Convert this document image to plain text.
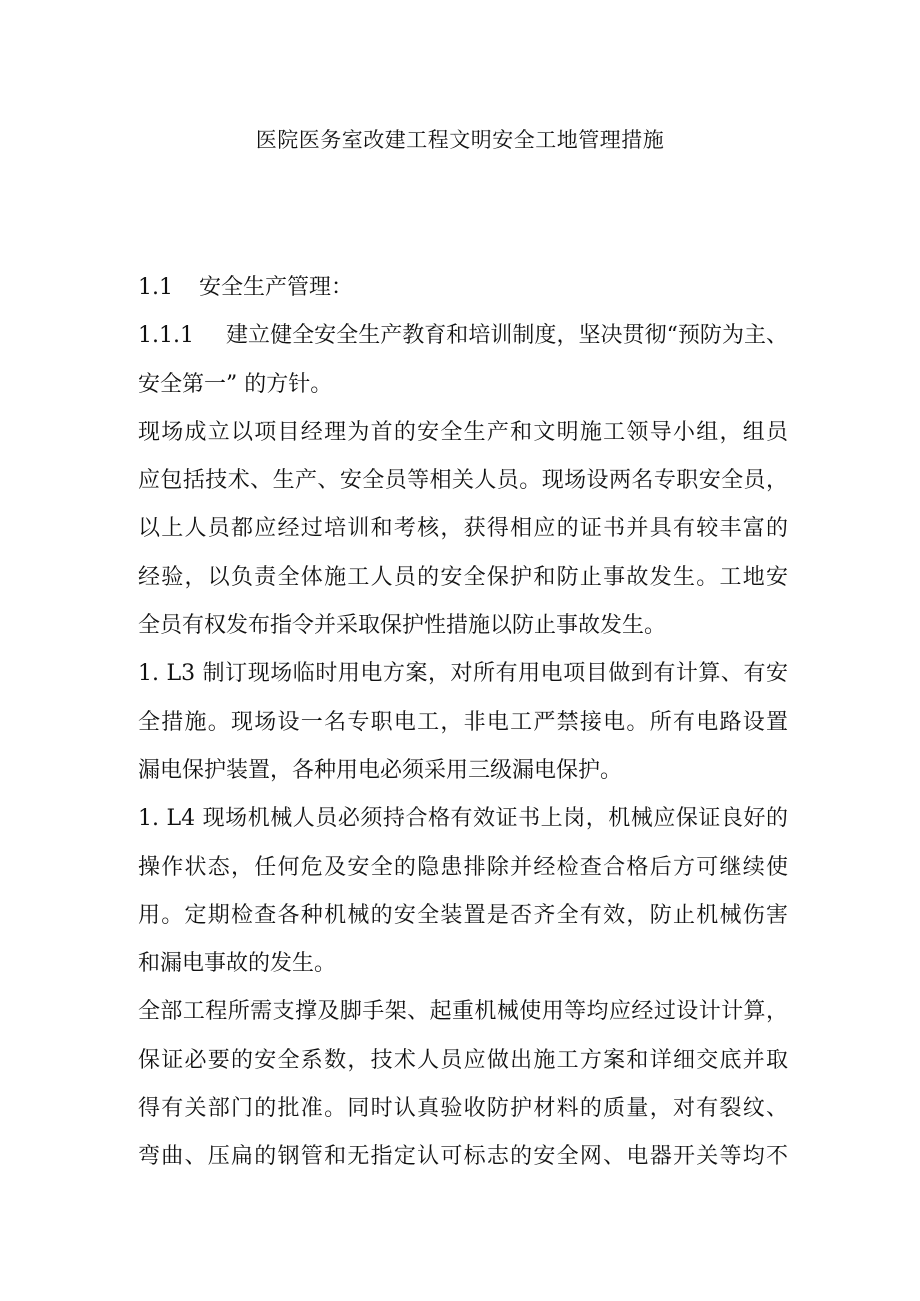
医院医务室改建工程文明安全工地管理措施
1.1 安全生产管理：
1.1.1 建立健全安全生产教育和培训制度，坚决贯彻“预防为主、
安全第一” 的方针。
现场成立以项目经理为首的安全生产和文明施工领导小组，组员
应包括技术、生产、安全员等相关人员。现场设两名专职安全员，
以上人员都应经过培训和考核，获得相应的证书并具有较丰富的
经验，以负责全体施工人员的安全保护和防止事故发生。工地安
全员有权发布指令并采取保护性措施以防止事故发生。
1. L3 制订现场临时用电方案，对所有用电项目做到有计算、有安
全措施。现场设一名专职电工，非电工严禁接电。所有电路设置
漏电保护装置，各种用电必须采用三级漏电保护。
1. L4 现场机械人员必须持合格有效证书上岗，机械应保证良好的
操作状态，任何危及安全的隐患排除并经检查合格后方可继续使
用。定期检查各种机械的安全装置是否齐全有效，防止机械伤害
和漏电事故的发生。
全部工程所需支撑及脚手架、起重机械使用等均应经过设计计算，
保证必要的安全系数，技术人员应做出施工方案和详细交底并取
得有关部门的批准。同时认真验收防护材料的质量，对有裂纹、
弯曲、压扁的钢管和无指定认可标志的安全网、电器开关等均不
